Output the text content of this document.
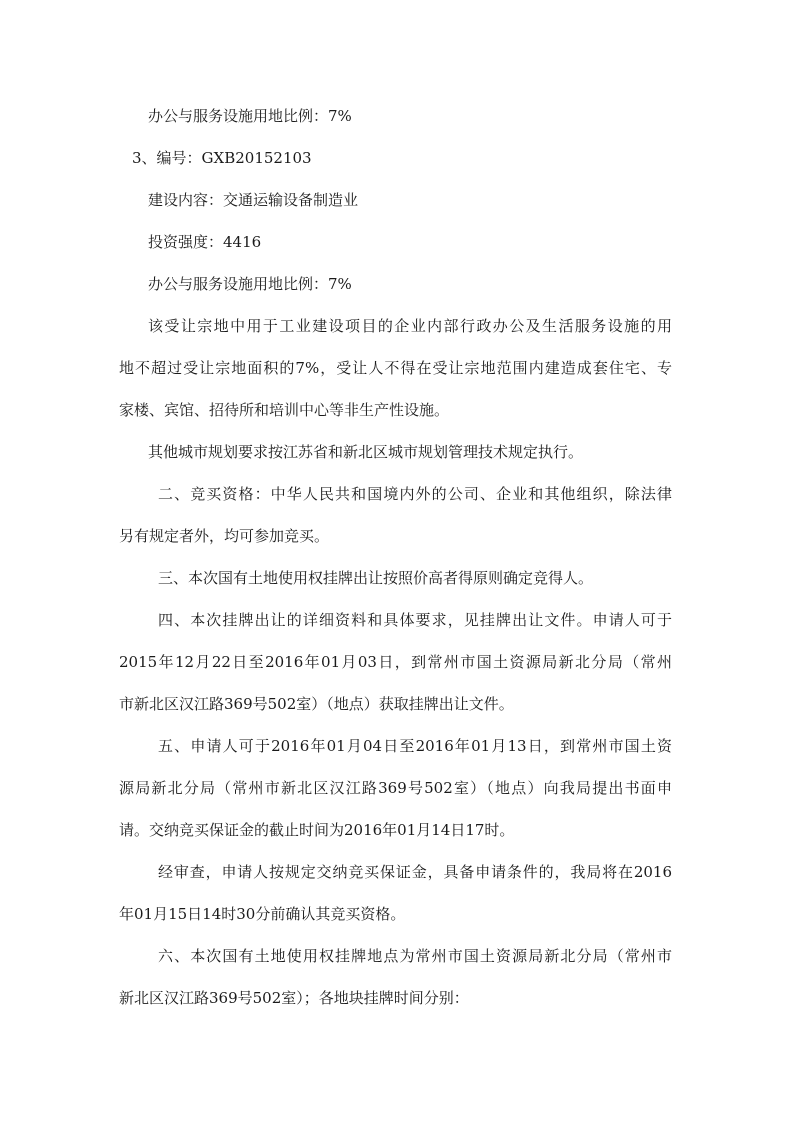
办公与服务设施用地比例：7%
3、编号：GXB20152103
建设内容：交通运输设备制造业
投资强度：4416
办公与服务设施用地比例：7%
该受让宗地中用于工业建设项目的企业内部行政办公及生活服务设施的用
地不超过受让宗地面积的7%，受让人不得在受让宗地范围内建造成套住宅、专
家楼、宾馆、招待所和培训中心等非生产性设施。
其他城市规划要求按江苏省和新北区城市规划管理技术规定执行。
二、竞买资格：中华人民共和国境内外的公司、企业和其他组织，除法律
另有规定者外，均可参加竞买。
三、本次国有土地使用权挂牌出让按照价高者得原则确定竞得人。
四、本次挂牌出让的详细资料和具体要求，见挂牌出让文件。申请人可于
2015年12月22日至2016年01月03日，到常州市国土资源局新北分局（常州
市新北区汉江路369号502室）（地点）获取挂牌出让文件。
五、申请人可于2016年01月04日至2016年01月13日，到常州市国土资
源局新北分局（常州市新北区汉江路369号502室）（地点）向我局提出书面申
请。交纳竞买保证金的截止时间为2016年01月14日17时。
经审查，申请人按规定交纳竞买保证金，具备申请条件的，我局将在2016
年01月15日14时30分前确认其竞买资格。
六、本次国有土地使用权挂牌地点为常州市国土资源局新北分局（常州市
新北区汉江路369号502室）；各地块挂牌时间分别：
